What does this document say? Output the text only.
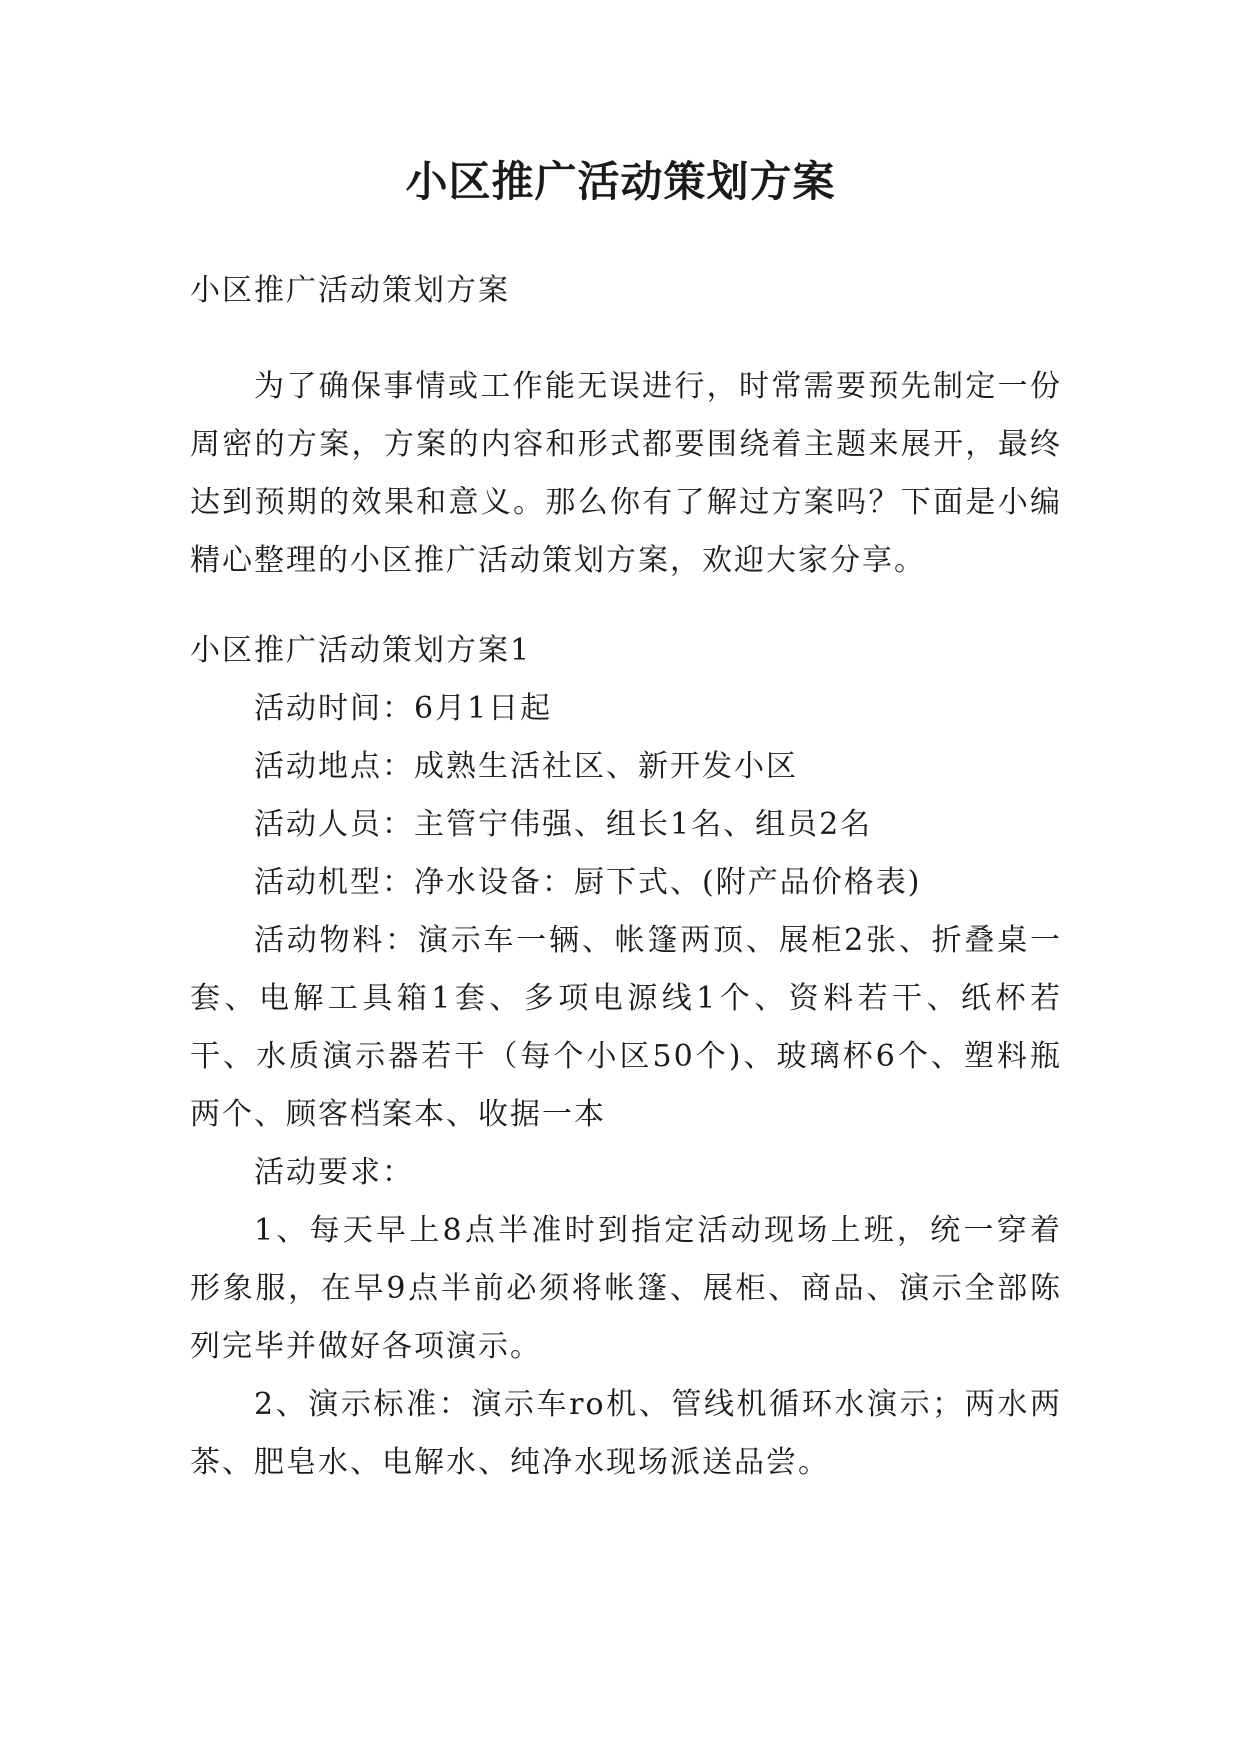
小区推广活动策划方案

小区推广活动策划方案

为了确保事情或工作能无误进行，时常需要预先制定一份周密的方案，方案的内容和形式都要围绕着主题来展开，最终达到预期的效果和意义。那么你有了解过方案吗？下面是小编精心整理的小区推广活动策划方案，欢迎大家分享。

小区推广活动策划方案1

活动时间：6月1日起

活动地点：成熟生活社区、新开发小区

活动人员：主管宁伟强、组长1名、组员2名

活动机型：净水设备：厨下式、(附产品价格表)

活动物料：演示车一辆、帐篷两顶、展柜2张、折叠桌一套、电解工具箱1套、多项电源线1个、资料若干、纸杯若干、水质演示器若干（每个小区50个)、玻璃杯6个、塑料瓶两个、顾客档案本、收据一本

活动要求：

1、每天早上8点半准时到指定活动现场上班，统一穿着形象服，在早9点半前必须将帐篷、展柜、商品、演示全部陈列完毕并做好各项演示。

2、演示标准：演示车ro机、管线机循环水演示；两水两茶、肥皂水、电解水、纯净水现场派送品尝。
